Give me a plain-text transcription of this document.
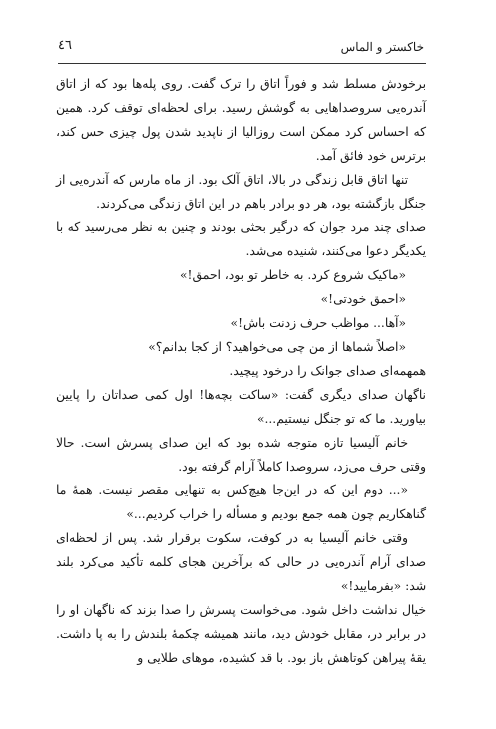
خاکستر و الماس
٤٦

برخودش مسلط شد و فوراً اتاق را ترک گفت. روی پله‌ها بود که از اتاق آندره‌یی سروصداهایی به گوشش رسید. برای لحظه‌ای توقف کرد. همین که احساس کرد ممکن است روزالیا از ناپدید شدن پول چیزی حس کند، برترس خود فائق آمد.

تنها اتاق قابل زندگی در بالا، اتاق آلک بود. از ماه مارس که آندره‌یی از جنگل بازگشته بود، هر دو برادر باهم در این اتاق زندگی می‌کردند.

صدای چند مرد جوان که درگیر بحثی بودند و چنین به نظر می‌رسید که با یکدیگر دعوا می‌کنند، شنیده می‌شد.

«ماکیک شروع کرد. به خاطر تو بود، احمق!»

«احمق خودتی!»

«آها... مواظب حرف زدنت باش!»

«اصلاً شماها از من چی می‌خواهید؟ از کجا بدانم؟»

همهمه‌ای صدای جوانک را درخود پیچید.

ناگهان صدای دیگری گفت: «ساکت بچه‌ها! اول کمی صداتان را پایین بیاورید. ما که تو جنگل نیستیم...»

خانم آلیسیا تازه متوجه شده بود که این صدای پسرش است. حالا وقتی حرف می‌زد، سروصدا کاملاً آرام گرفته بود.

«... دوم این که در این‌جا هیچ‌کس به تنهایی مقصر نیست. همهٔ ما گناهکاریم چون همه جمع بودیم و مسأله را خراب کردیم...»

وقتی خانم آلیسیا به در کوفت، سکوت برقرار شد. پس از لحظه‌ای صدای آرام آندره‌یی در حالی که برآخرین هجای کلمه تأکید می‌کرد بلند شد: «بفرمایید!»

خیال نداشت داخل شود. می‌خواست پسرش را صدا بزند که ناگهان او را در برابر در، مقابل خودش دید، مانند همیشه چکمهٔ بلندش را به پا داشت. یقهٔ پیراهن کوتاهش باز بود. با قد کشیده، موهای طلایی و
